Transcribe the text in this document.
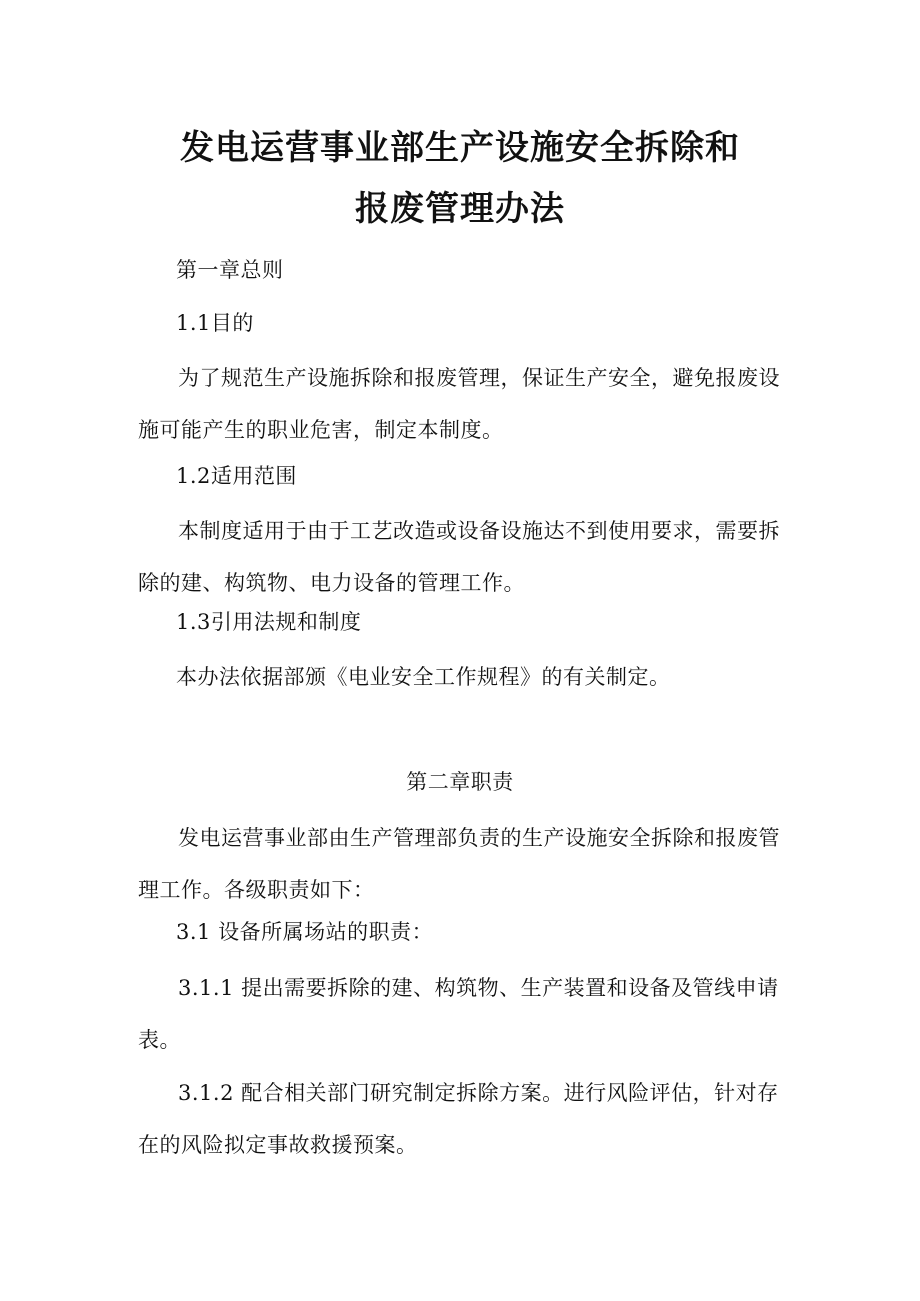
发电运营事业部生产设施安全拆除和
报废管理办法
第一章总则
1.1目的
为了规范生产设施拆除和报废管理，保证生产安全，避免报废设施可能产生的职业危害，制定本制度。
1.2适用范围
本制度适用于由于工艺改造或设备设施达不到使用要求，需要拆除的建、构筑物、电力设备的管理工作。
1.3引用法规和制度
本办法依据部颁《电业安全工作规程》的有关制定。
第二章职责
发电运营事业部由生产管理部负责的生产设施安全拆除和报废管理工作。各级职责如下：
3.1 设备所属场站的职责：
3.1.1 提出需要拆除的建、构筑物、生产装置和设备及管线申请表。
3.1.2 配合相关部门研究制定拆除方案。进行风险评估，针对存在的风险拟定事故救援预案。
